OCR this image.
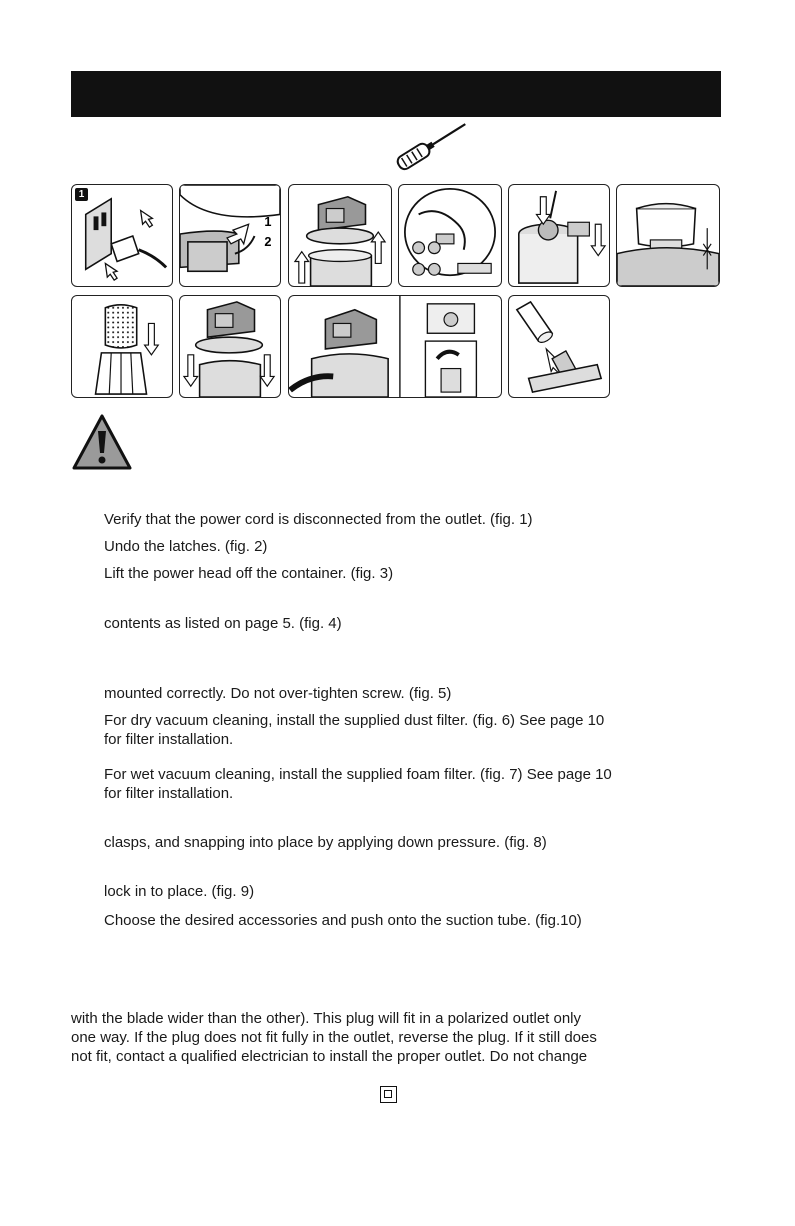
1
1
2
Verify that the power cord is disconnected from the outlet. (fig. 1)
Undo the latches. (fig. 2)
Lift the power head off the container. (fig. 3)
contents as listed on page 5. (fig. 4)
mounted correctly. Do not over-tighten screw. (fig. 5)
For dry vacuum cleaning, install the supplied dust filter. (fig. 6) See page 10
for filter installation.
For wet vacuum cleaning, install the supplied foam filter. (fig. 7) See page 10
for filter installation.
clasps, and snapping into place by applying down pressure. (fig. 8)
lock in to place. (fig. 9)
Choose the desired accessories and push onto the suction tube. (fig.10)
with the blade wider than the other). This plug will fit in a polarized outlet only
one way. If the plug does not fit fully in the outlet, reverse the plug. If it still does
not fit, contact a qualified electrician to install the proper outlet. Do not change
